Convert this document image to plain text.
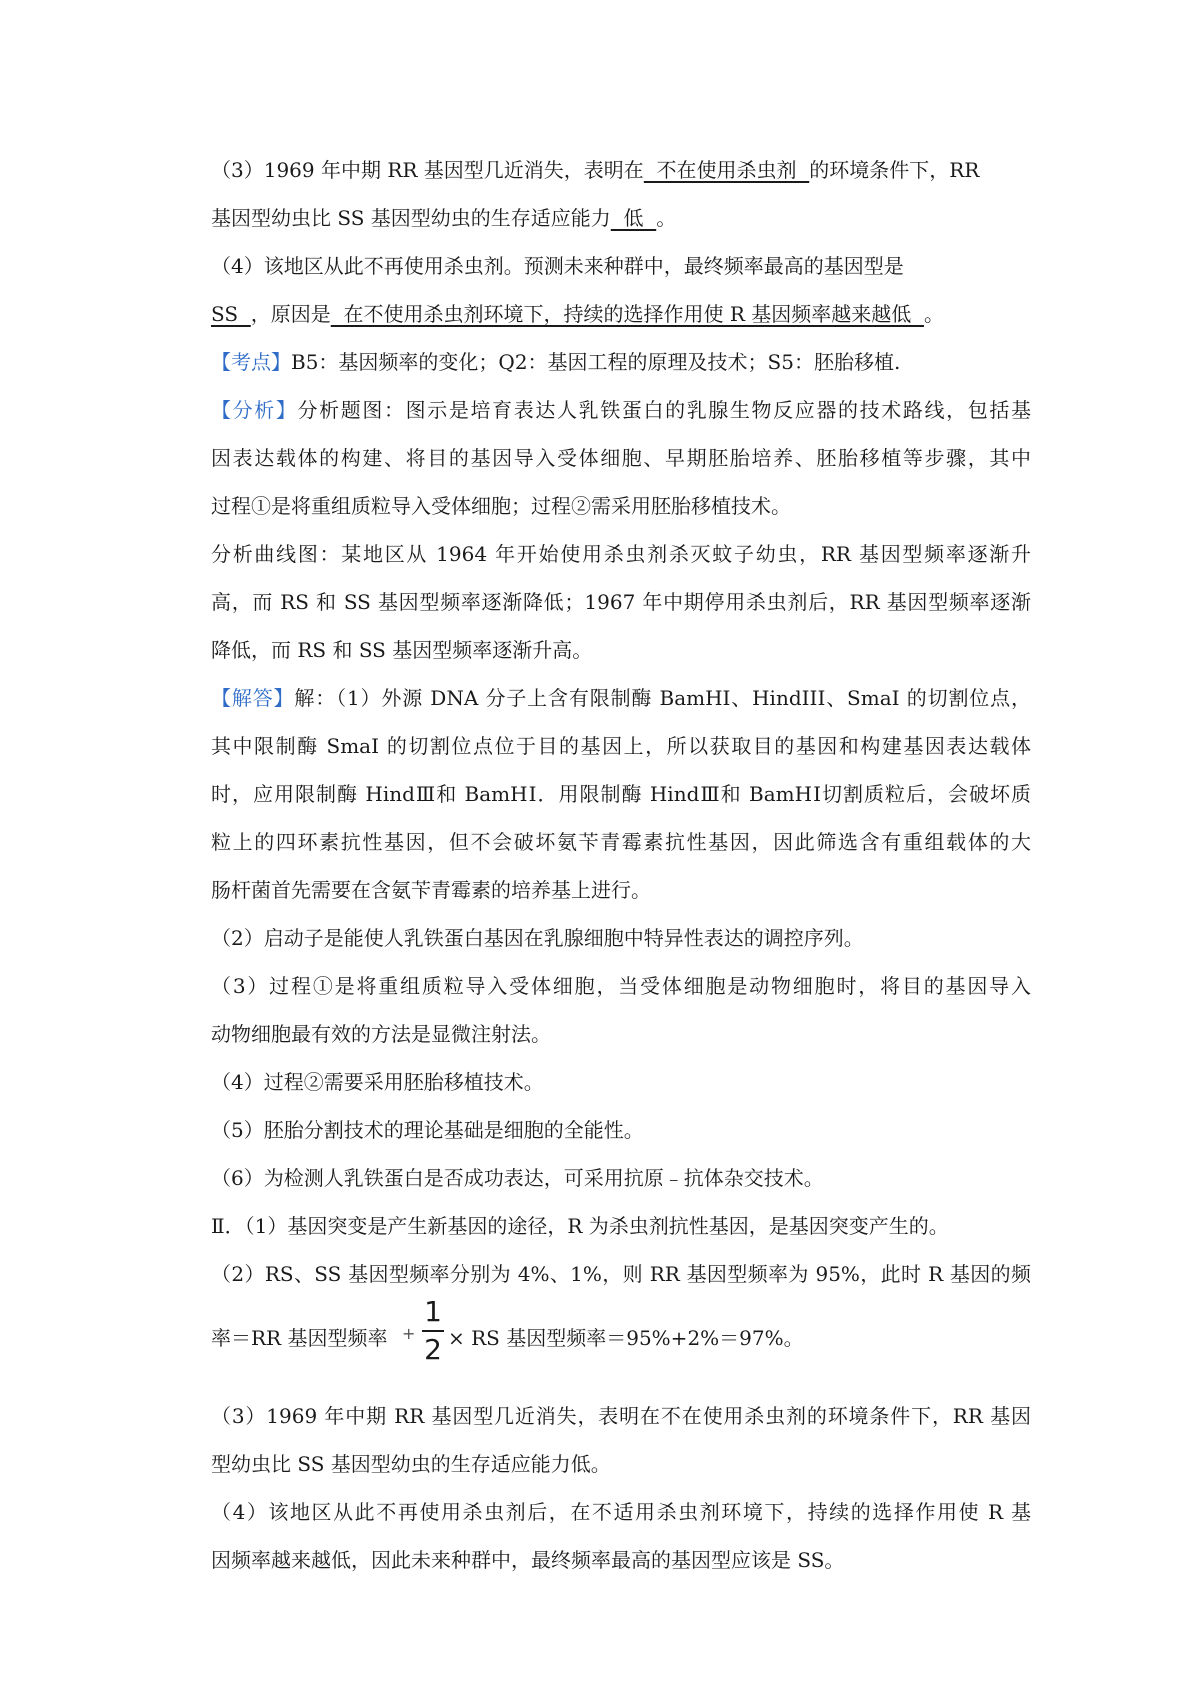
（3）1969 年中期 RR 基因型几近消失，表明在  不在使用杀虫剂  的环境条件下，RR
基因型幼虫比 SS 基因型幼虫的生存适应能力  低  。
（4）该地区从此不再使用杀虫剂。预测未来种群中，最终频率最高的基因型是
SS  ，原因是  在不使用杀虫剂环境下，持续的选择作用使 R 基因频率越来越低  。
【考点】B5：基因频率的变化；Q2：基因工程的原理及技术；S5：胚胎移植.
【分析】分析题图：图示是培育表达人乳铁蛋白的乳腺生物反应器的技术路线，包括基
因表达载体的构建、将目的基因导入受体细胞、早期胚胎培养、胚胎移植等步骤，其中
过程①是将重组质粒导入受体细胞；过程②需采用胚胎移植技术。
分析曲线图：某地区从 1964 年开始使用杀虫剂杀灭蚊子幼虫，RR 基因型频率逐渐升
高，而 RS 和 SS 基因型频率逐渐降低；1967 年中期停用杀虫剂后，RR 基因型频率逐渐
降低，而 RS 和 SS 基因型频率逐渐升高。
【解答】解：（1）外源 DNA 分子上含有限制酶 BamHI、HindIII、SmaI 的切割位点，
其中限制酶 SmaI 的切割位点位于目的基因上，所以获取目的基因和构建基因表达载体
时，应用限制酶 HindⅢ和 BamHⅠ．用限制酶 HindⅢ和 BamHⅠ切割质粒后，会破坏质
粒上的四环素抗性基因，但不会破坏氨苄青霉素抗性基因，因此筛选含有重组载体的大
肠杆菌首先需要在含氨苄青霉素的培养基上进行。
（2）启动子是能使人乳铁蛋白基因在乳腺细胞中特异性表达的调控序列。
（3）过程①是将重组质粒导入受体细胞，当受体细胞是动物细胞时，将目的基因导入
动物细胞最有效的方法是显微注射法。
（4）过程②需要采用胚胎移植技术。
（5）胚胎分割技术的理论基础是细胞的全能性。
（6）为检测人乳铁蛋白是否成功表达，可采用抗原﹣抗体杂交技术。
Ⅱ．（1）基因突变是产生新基因的途径，R 为杀虫剂抗性基因，是基因突变产生的。
（2）RS、SS 基因型频率分别为 4%、1%，则 RR 基因型频率为 95%，此时 R 基因的频
率＝RR 基因型频率 +
1
2 × RS 基因型频率＝95%+2%＝97%。
（3）1969 年中期 RR 基因型几近消失，表明在不在使用杀虫剂的环境条件下，RR 基因
型幼虫比 SS 基因型幼虫的生存适应能力低。
（4）该地区从此不再使用杀虫剂后，在不适用杀虫剂环境下，持续的选择作用使 R 基
因频率越来越低，因此未来种群中，最终频率最高的基因型应该是 SS。
